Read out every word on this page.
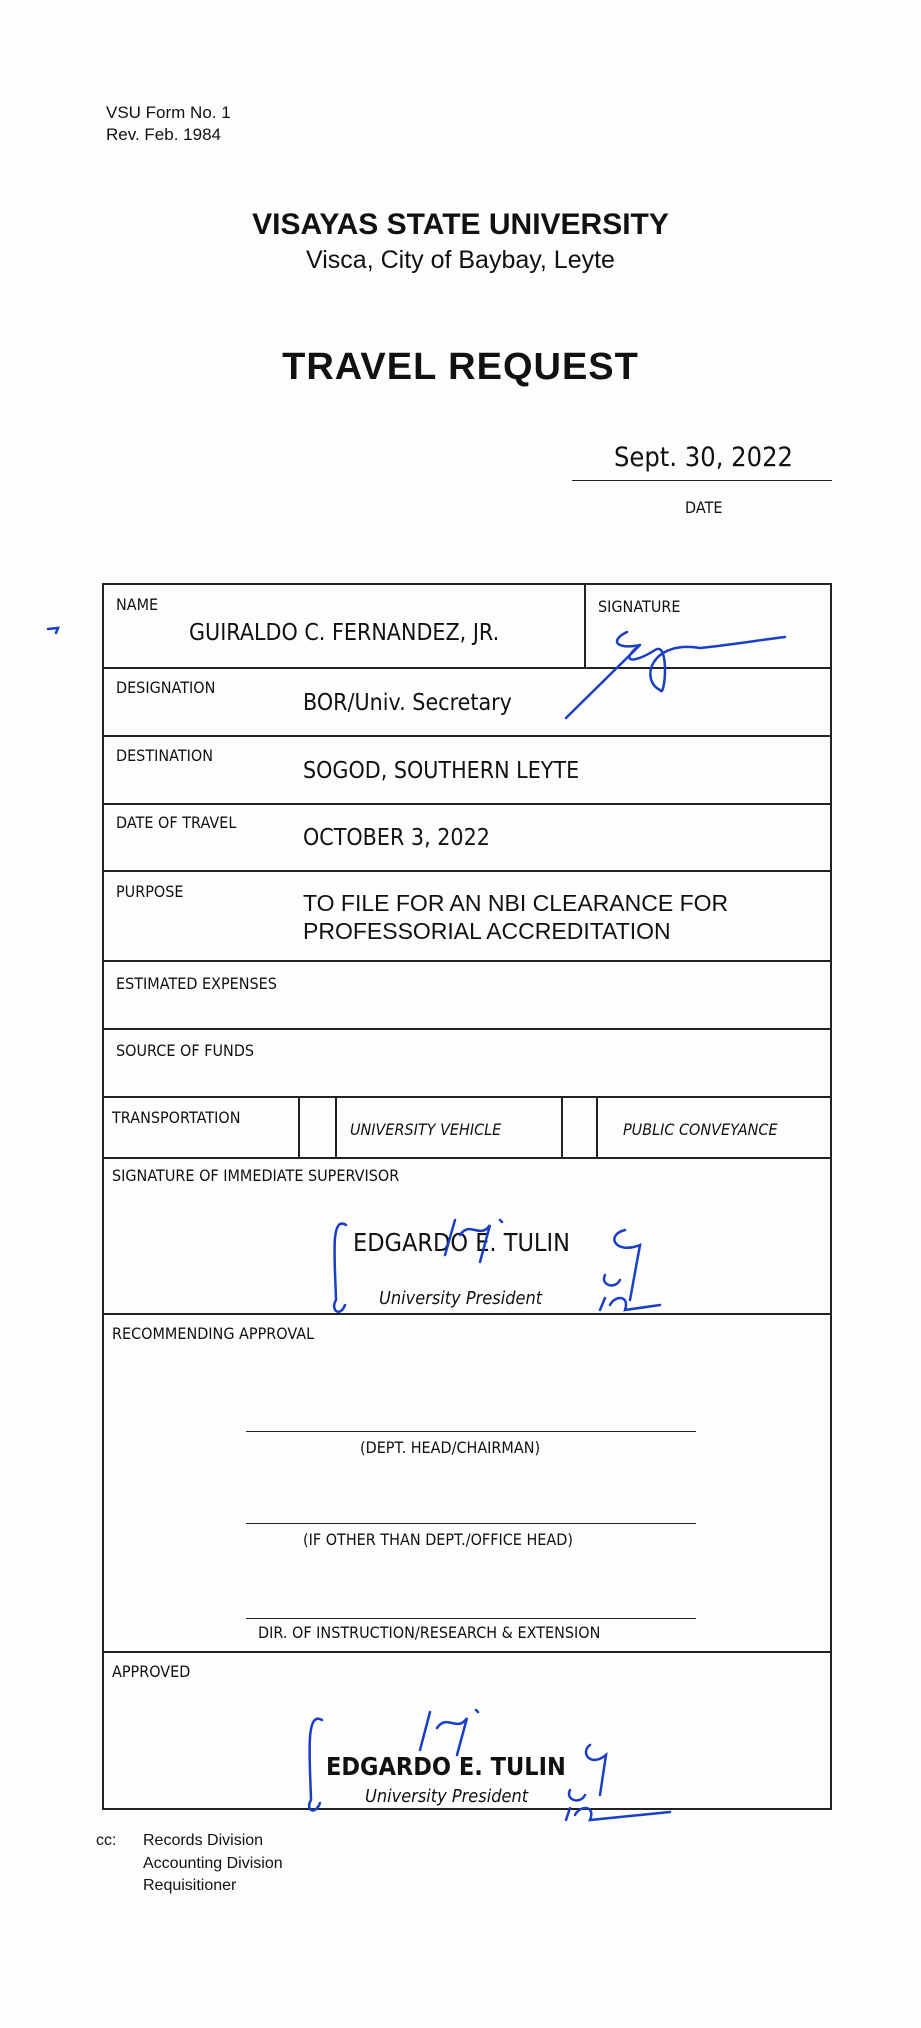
VSU Form No. 1
Rev. Feb. 1984
VISAYAS STATE UNIVERSITY
Visca, City of Baybay, Leyte
TRAVEL REQUEST
Sept. 30, 2022
DATE
NAME
GUIRALDO C. FERNANDEZ, JR.
SIGNATURE
DESIGNATION
BOR/Univ. Secretary
DESTINATION
SOGOD, SOUTHERN LEYTE
DATE OF TRAVEL
OCTOBER 3, 2022
PURPOSE	TO FILE FOR AN NBI CLEARANCE FOR
PROFESSORIAL ACCREDITATION
ESTIMATED EXPENSES
SOURCE OF FUNDS
TRANSPORTATION
UNIVERSITY VEHICLE	PUBLIC CONVEYANCE
SIGNATURE OF IMMEDIATE SUPERVISOR
EDGARDO E. TULIN
University President
RECOMMENDING APPROVAL
(DEPT. HEAD/CHAIRMAN)
(IF OTHER THAN DEPT./OFFICE HEAD)
DIR. OF INSTRUCTION/RESEARCH & EXTENSION
APPROVED
EDGARDO E. TULIN
University President
cc: Records Division
Accounting Division
Requisitioner
